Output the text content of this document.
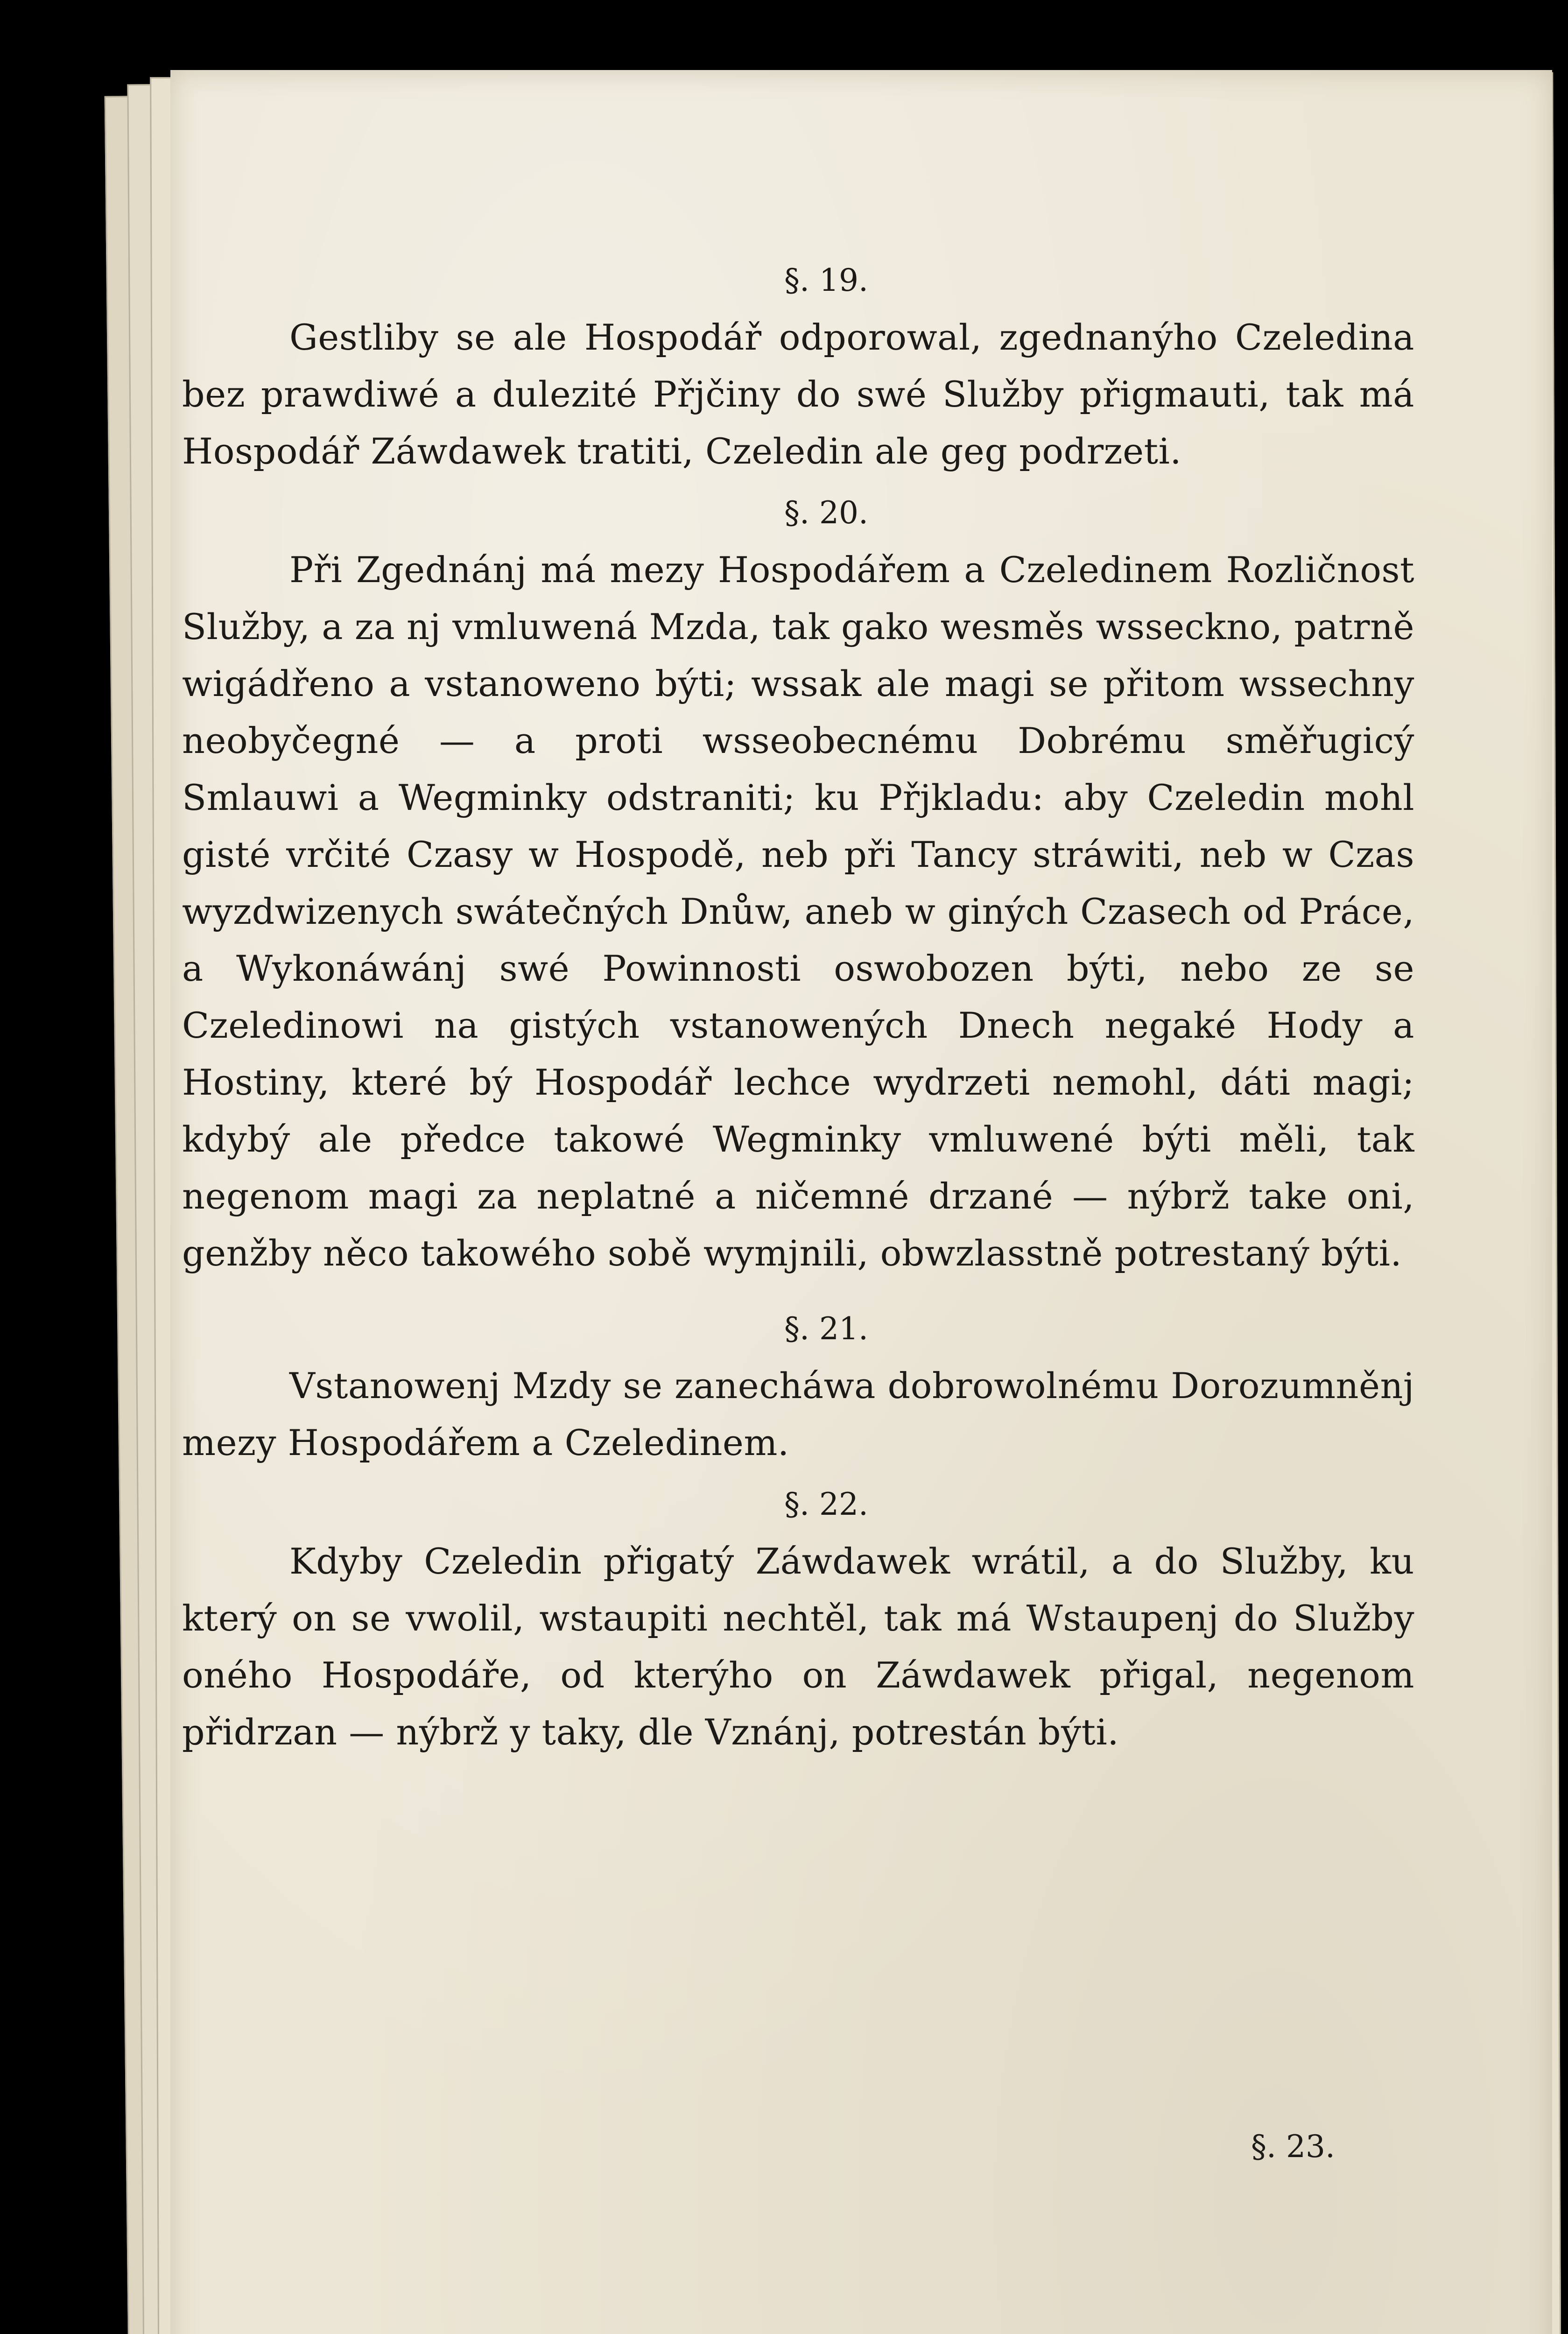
§. 19.

Gestliby se ale Hospodář odporowal, zgednanýho Czeledina bez prawdiwé a dulezité Přjčiny do swé Služby přigmauti, tak má Hospodář Záwdawek tratiti, Czeledin ale geg podrzeti.

§. 20.

Při Zgednánj má mezy Hospodářem a Czeledinem Rozličnost Služby, a za nj vmluwená Mzda, tak gako wesměs wsseckno, patrně wigádřeno a vstanoweno býti; wssak ale magi se přitom wssechny neobyčegné — a proti wsseobecnému Dobrému směřugicý Smlauwi a Wegminky odstraniti; ku Přjkladu: aby Czeledin mohl gisté vrčité Czasy w Hospodě, neb při Tancy stráwiti, neb w Czas wyzdwizenych swátečných Dnůw, aneb w giných Czasech od Práce, a Wykonáwánj swé Powinnosti oswobozen býti, nebo ze se Czeledinowi na gistých vstanowených Dnech negaké Hody a Hostiny, které bý Hospodář lechce wydrzeti nemohl, dáti magi; kdybý ale předce takowé Wegminky vmluwené býti měli, tak negenom magi za neplatné a ničemné drzané — nýbrž take oni, genžby něco takowého sobě wymjnili, obwzlasstně potrestaný býti.

§. 21.

Vstanowenj Mzdy se zanecháwa dobrowolnému Dorozumněnj mezy Hospodářem a Czeledinem.

§. 22.

Kdyby Czeledin přigatý Záwdawek wrátil, a do Služby, ku který on se vwolil, wstaupiti nechtěl, tak má Wstaupenj do Služby oného Hospodáře, od kterýho on Záwdawek přigal, negenom přidrzan — nýbrž y taky, dle Vznánj, potrestán býti.

§. 23.
